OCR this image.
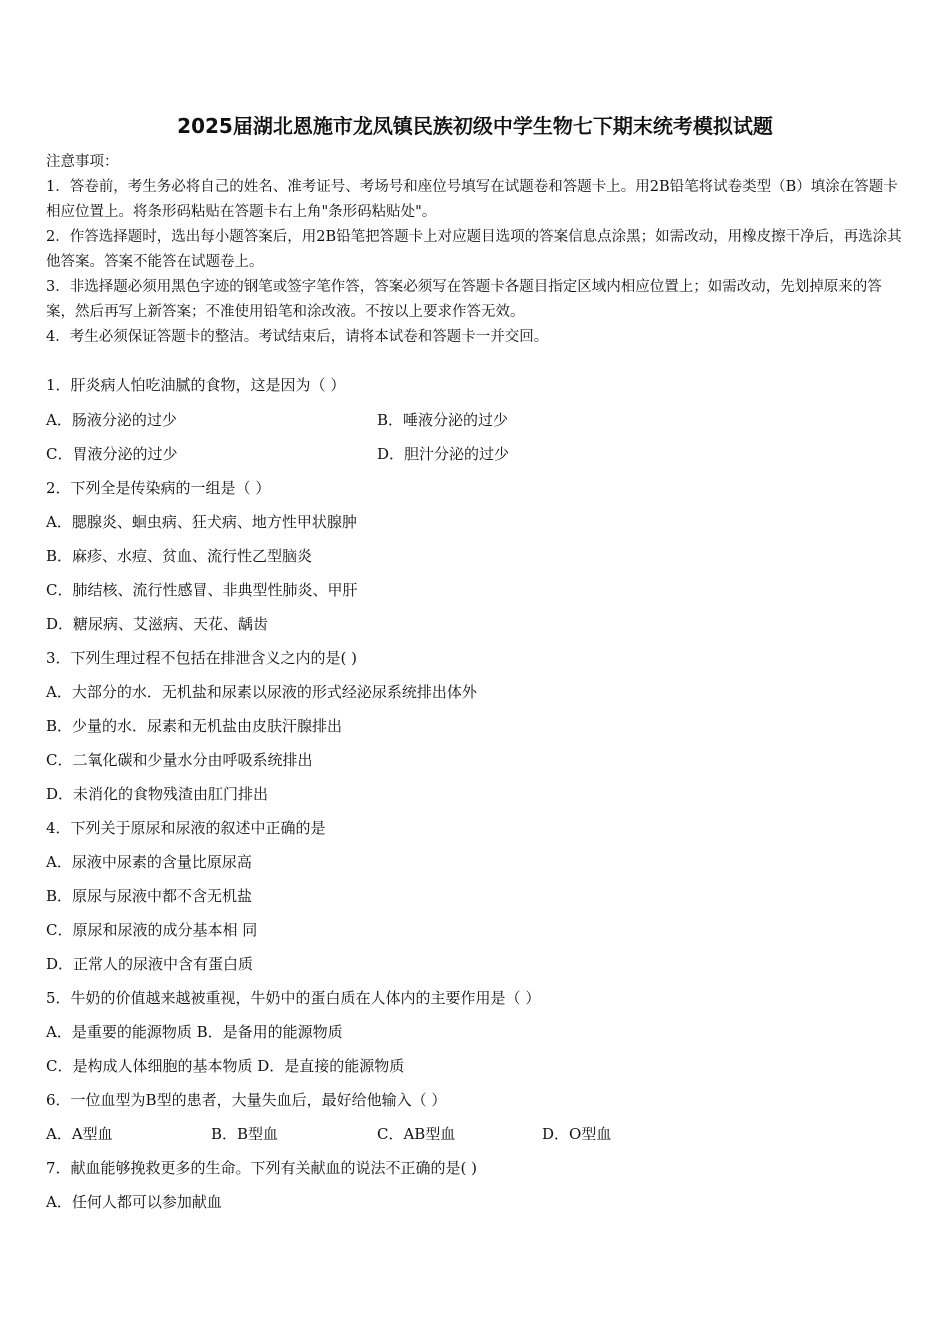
2025届湖北恩施市龙凤镇民族初级中学生物七下期末统考模拟试题

注意事项：

1．答卷前，考生务必将自己的姓名、准考证号、考场号和座位号填写在试题卷和答题卡上。用2B铅笔将试卷类型（B）填涂在答题卡相应位置上。将条形码粘贴在答题卡右上角"条形码粘贴处"。

2．作答选择题时，选出每小题答案后，用2B铅笔把答题卡上对应题目选项的答案信息点涂黑；如需改动，用橡皮擦干净后，再选涂其他答案。答案不能答在试题卷上。

3．非选择题必须用黑色字迹的钢笔或签字笔作答，答案必须写在答题卡各题目指定区域内相应位置上；如需改动，先划掉原来的答案，然后再写上新答案；不准使用铅笔和涂改液。不按以上要求作答无效。

4．考生必须保证答题卡的整洁。考试结束后，请将本试卷和答题卡一并交回。

1．肝炎病人怕吃油腻的食物，这是因为（ ）
A．肠液分泌的过少	B．唾液分泌的过少
C．胃液分泌的过少	D．胆汁分泌的过少
2．下列全是传染病的一组是（ ）
A．腮腺炎、蛔虫病、狂犬病、地方性甲状腺肿
B．麻疹、水痘、贫血、流行性乙型脑炎
C．肺结核、流行性感冒、非典型性肺炎、甲肝
D．糖尿病、艾滋病、天花、龋齿
3．下列生理过程不包括在排泄含义之内的是( )
A．大部分的水．无机盐和尿素以尿液的形式经泌尿系统排出体外
B．少量的水．尿素和无机盐由皮肤汗腺排出
C．二氧化碳和少量水分由呼吸系统排出
D．未消化的食物残渣由肛门排出
4．下列关于原尿和尿液的叙述中正确的是
A．尿液中尿素的含量比原尿高
B．原尿与尿液中都不含无机盐
C．原尿和尿液的成分基本相 同
D．正常人的尿液中含有蛋白质
5．牛奶的价值越来越被重视，牛奶中的蛋白质在人体内的主要作用是（ ）
A．是重要的能源物质 B．是备用的能源物质
C．是构成人体细胞的基本物质 D．是直接的能源物质
6．一位血型为B型的患者，大量失血后，最好给他输入（ ）
A．A型血	B．B型血	C．AB型血	D．O型血
7．献血能够挽救更多的生命。下列有关献血的说法不正确的是( )
A．任何人都可以参加献血
